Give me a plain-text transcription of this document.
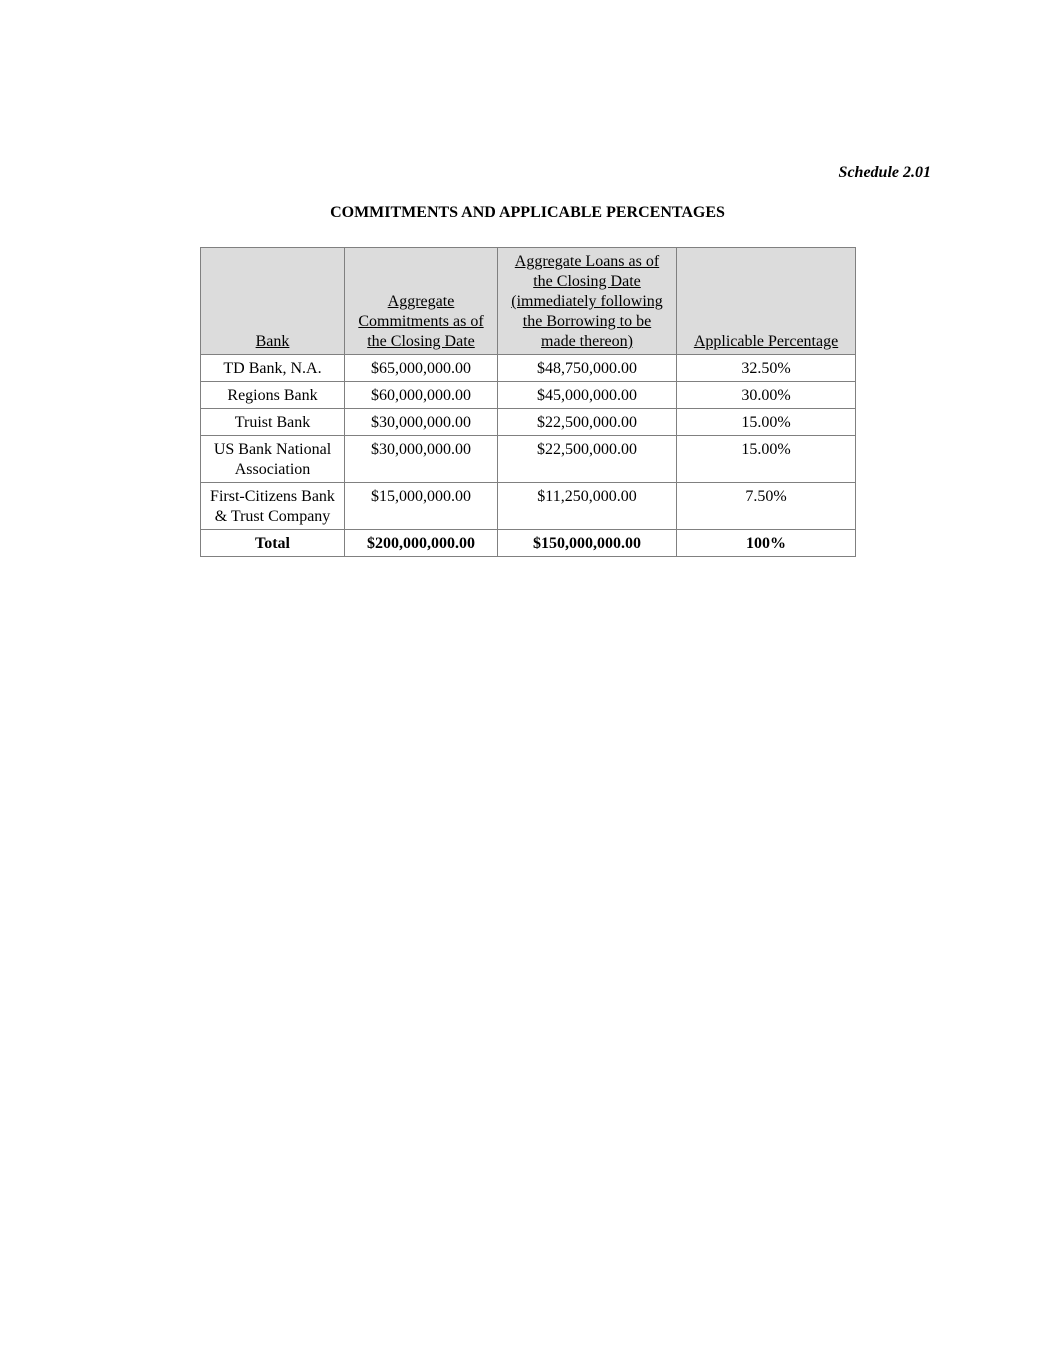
Schedule 2.01
COMMITMENTS AND APPLICABLE PERCENTAGES
Bank	Aggregate Commitments as of the Closing Date	Aggregate Loans as of the Closing Date (immediately following the Borrowing to be made thereon)	Applicable Percentage
TD Bank, N.A.	$65,000,000.00	$48,750,000.00	32.50%
Regions Bank	$60,000,000.00	$45,000,000.00	30.00%
Truist Bank	$30,000,000.00	$22,500,000.00	15.00%
US Bank National Association	$30,000,000.00	$22,500,000.00	15.00%
First-Citizens Bank & Trust Company	$15,000,000.00	$11,250,000.00	7.50%
Total	$200,000,000.00	$150,000,000.00	100%
